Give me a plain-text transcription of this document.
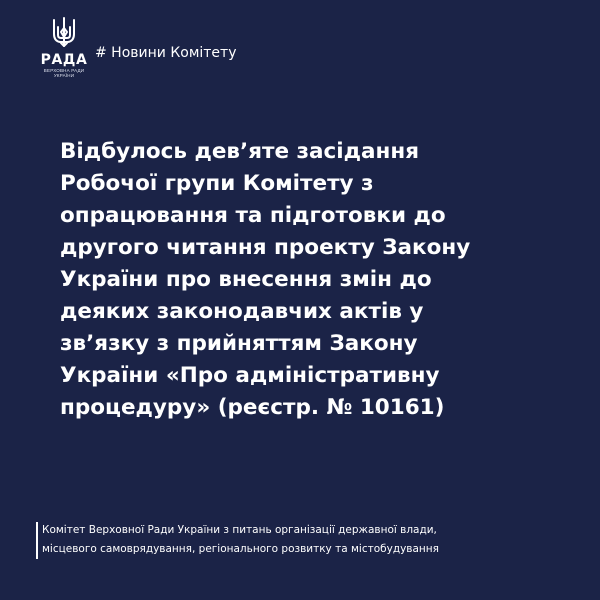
РАДА
ВЕРХОВНА РАДИ
УКРАЇНИ
# Новини Комітету
Відбулось дев’яте засідання
Робочої групи Комітету з
опрацювання та підготовки до
другого читання проекту Закону
України про внесення змін до
деяких законодавчих актів у
зв’язку з прийняттям Закону
України «Про адміністративну
процедуру» (реєстр. № 10161)
Комітет Верховної Ради України з питань організації державної влади,
місцевого самоврядування, регіонального розвитку та містобудування
